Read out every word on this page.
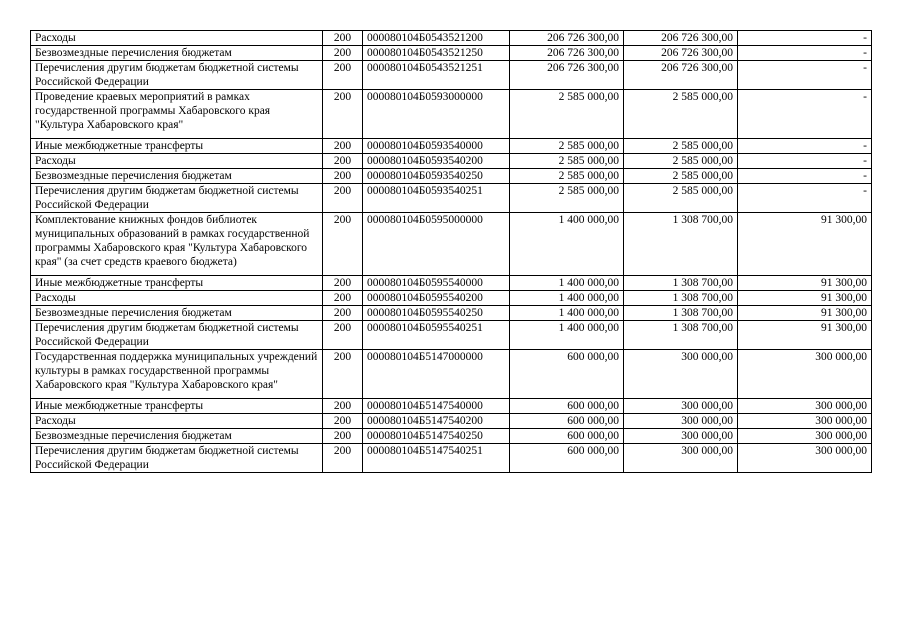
Расходы	200	000080104Б0543521200	206 726 300,00	206 726 300,00	-
Безвозмездные перечисления бюджетам	200	000080104Б0543521250	206 726 300,00	206 726 300,00	-
Перечисления другим бюджетам бюджетной системы Российской Федерации	200	000080104Б0543521251	206 726 300,00	206 726 300,00	-
Проведение краевых мероприятий в рамках государственной программы Хабаровского края "Культура Хабаровского края"	200	000080104Б0593000000	2 585 000,00	2 585 000,00	-
Иные межбюджетные трансферты	200	000080104Б0593540000	2 585 000,00	2 585 000,00	-
Расходы	200	000080104Б0593540200	2 585 000,00	2 585 000,00	-
Безвозмездные перечисления бюджетам	200	000080104Б0593540250	2 585 000,00	2 585 000,00	-
Перечисления другим бюджетам бюджетной системы Российской Федерации	200	000080104Б0593540251	2 585 000,00	2 585 000,00	-
Комплектование книжных фондов библиотек муниципальных образований в рамках государственной программы Хабаровского края "Культура Хабаровского края" (за счет средств краевого бюджета)	200	000080104Б0595000000	1 400 000,00	1 308 700,00	91 300,00
Иные межбюджетные трансферты	200	000080104Б0595540000	1 400 000,00	1 308 700,00	91 300,00
Расходы	200	000080104Б0595540200	1 400 000,00	1 308 700,00	91 300,00
Безвозмездные перечисления бюджетам	200	000080104Б0595540250	1 400 000,00	1 308 700,00	91 300,00
Перечисления другим бюджетам бюджетной системы Российской Федерации	200	000080104Б0595540251	1 400 000,00	1 308 700,00	91 300,00
Государственная поддержка муниципальных учреждений культуры в рамках государственной программы Хабаровского края "Культура Хабаровского края"	200	000080104Б5147000000	600 000,00	300 000,00	300 000,00
Иные межбюджетные трансферты	200	000080104Б5147540000	600 000,00	300 000,00	300 000,00
Расходы	200	000080104Б5147540200	600 000,00	300 000,00	300 000,00
Безвозмездные перечисления бюджетам	200	000080104Б5147540250	600 000,00	300 000,00	300 000,00
Перечисления другим бюджетам бюджетной системы Российской Федерации	200	000080104Б5147540251	600 000,00	300 000,00	300 000,00
